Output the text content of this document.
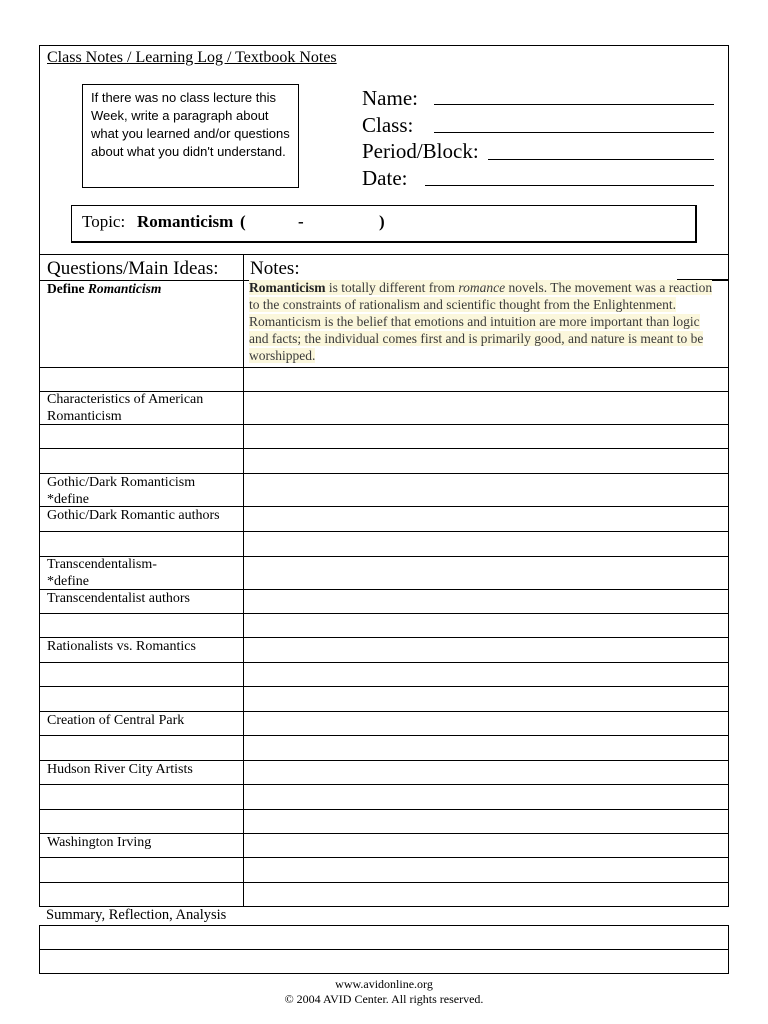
Class Notes / Learning Log / Textbook Notes
If there was no class lecture this Week, write a paragraph about what you learned and/or questions about what you didn't understand.
Name:
Class:
Period/Block:
Date:
Topic: Romanticism (	-	)
Questions/Main Ideas: Notes:
Define Romanticism	Romanticism is totally different from romance novels. The movement was a reaction to the constraints of rationalism and scientific thought from the Enlightenment. Romanticism is the belief that emotions and intuition are more important than logic and facts; the individual comes first and is primarily good, and nature is meant to be worshipped.
Characteristics of American Romanticism
Gothic/Dark Romanticism *define
Gothic/Dark Romantic authors
Transcendentalism- *define
Transcendentalist authors
Rationalists vs. Romantics
Creation of Central Park
Hudson River City Artists
Washington Irving
Summary, Reflection, Analysis
www.avidonline.org
© 2004 AVID Center. All rights reserved.
